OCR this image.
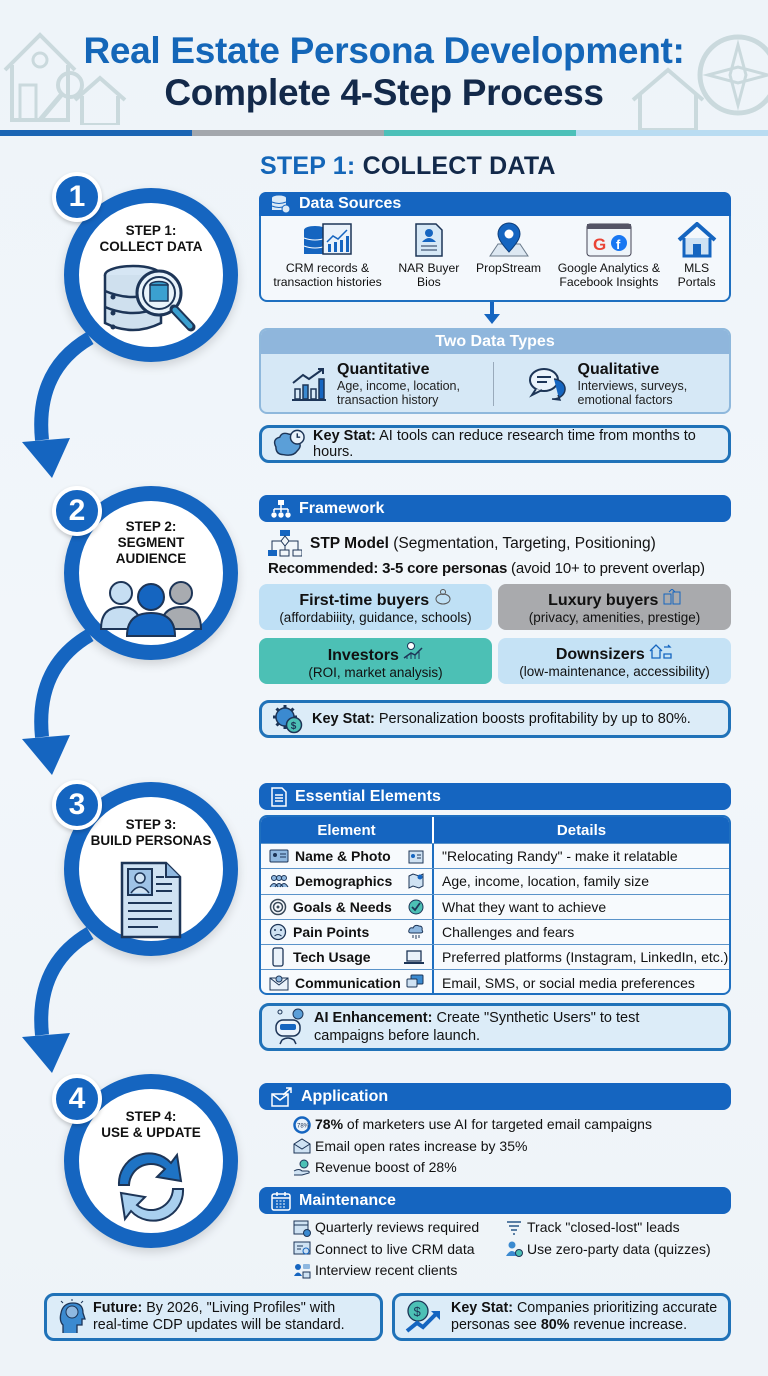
Real Estate Persona Development:
Complete 4-Step Process
STEP 1:
COLLECT DATA
1
STEP 2:
SEGMENT
AUDIENCE
2
STEP 3:
BUILD PERSONAS
3
STEP 4:
USE & UPDATE
4
STEP 1: COLLECT DATA
Data Sources
CRM records &
transaction histories
NAR Buyer
Bios
PropStream
G f
Google Analytics &
Facebook Insights
MLS
Portals
Two Data Types
Quantitative
Age, income, location,
transaction history
Qualitative
Interviews, surveys,
emotional factors
Key Stat: AI tools can reduce research time from months to hours.
Framework
STP Model (Segmentation, Targeting, Positioning)
Recommended: 3-5 core personas (avoid 10+ to prevent overlap)
First-time buyers
(affordabiiity, guidance, schools)
Luxury buyers
(privacy, amenities, prestige)
Investors
(ROI, market analysis)
Downsizers
(low-maintenance, accessibility)
$ Key Stat: Personalization boosts profitability by up to 80%.
Essential Elements
Element	Details
Name & Photo	"Relocating Randy" - make it relatable
Demographics	Age, income, location, family size
Goals & Needs	What they want to achieve
Pain Points	Challenges and fears
Tech Usage	Preferred platforms (Instagram, LinkedIn, etc.)
Communication	Email, SMS, or social media preferences
AI Enhancement: Create "Synthetic Users" to test
campaigns before launch.
Application
78% 78% of marketers use AI for targeted email campaigns
Email open rates increase by 35%
Revenue boost of 28%
Maintenance
Quarterly reviews required
Connect to live CRM data
Interview recent clients
Track "closed-lost" leads
Use zero-party data (quizzes)
Future: By 2026, "Living Profiles" with
real-time CDP updates will be standard.
$ Key Stat: Companies prioritizing accurate
personas see 80% revenue increase.
